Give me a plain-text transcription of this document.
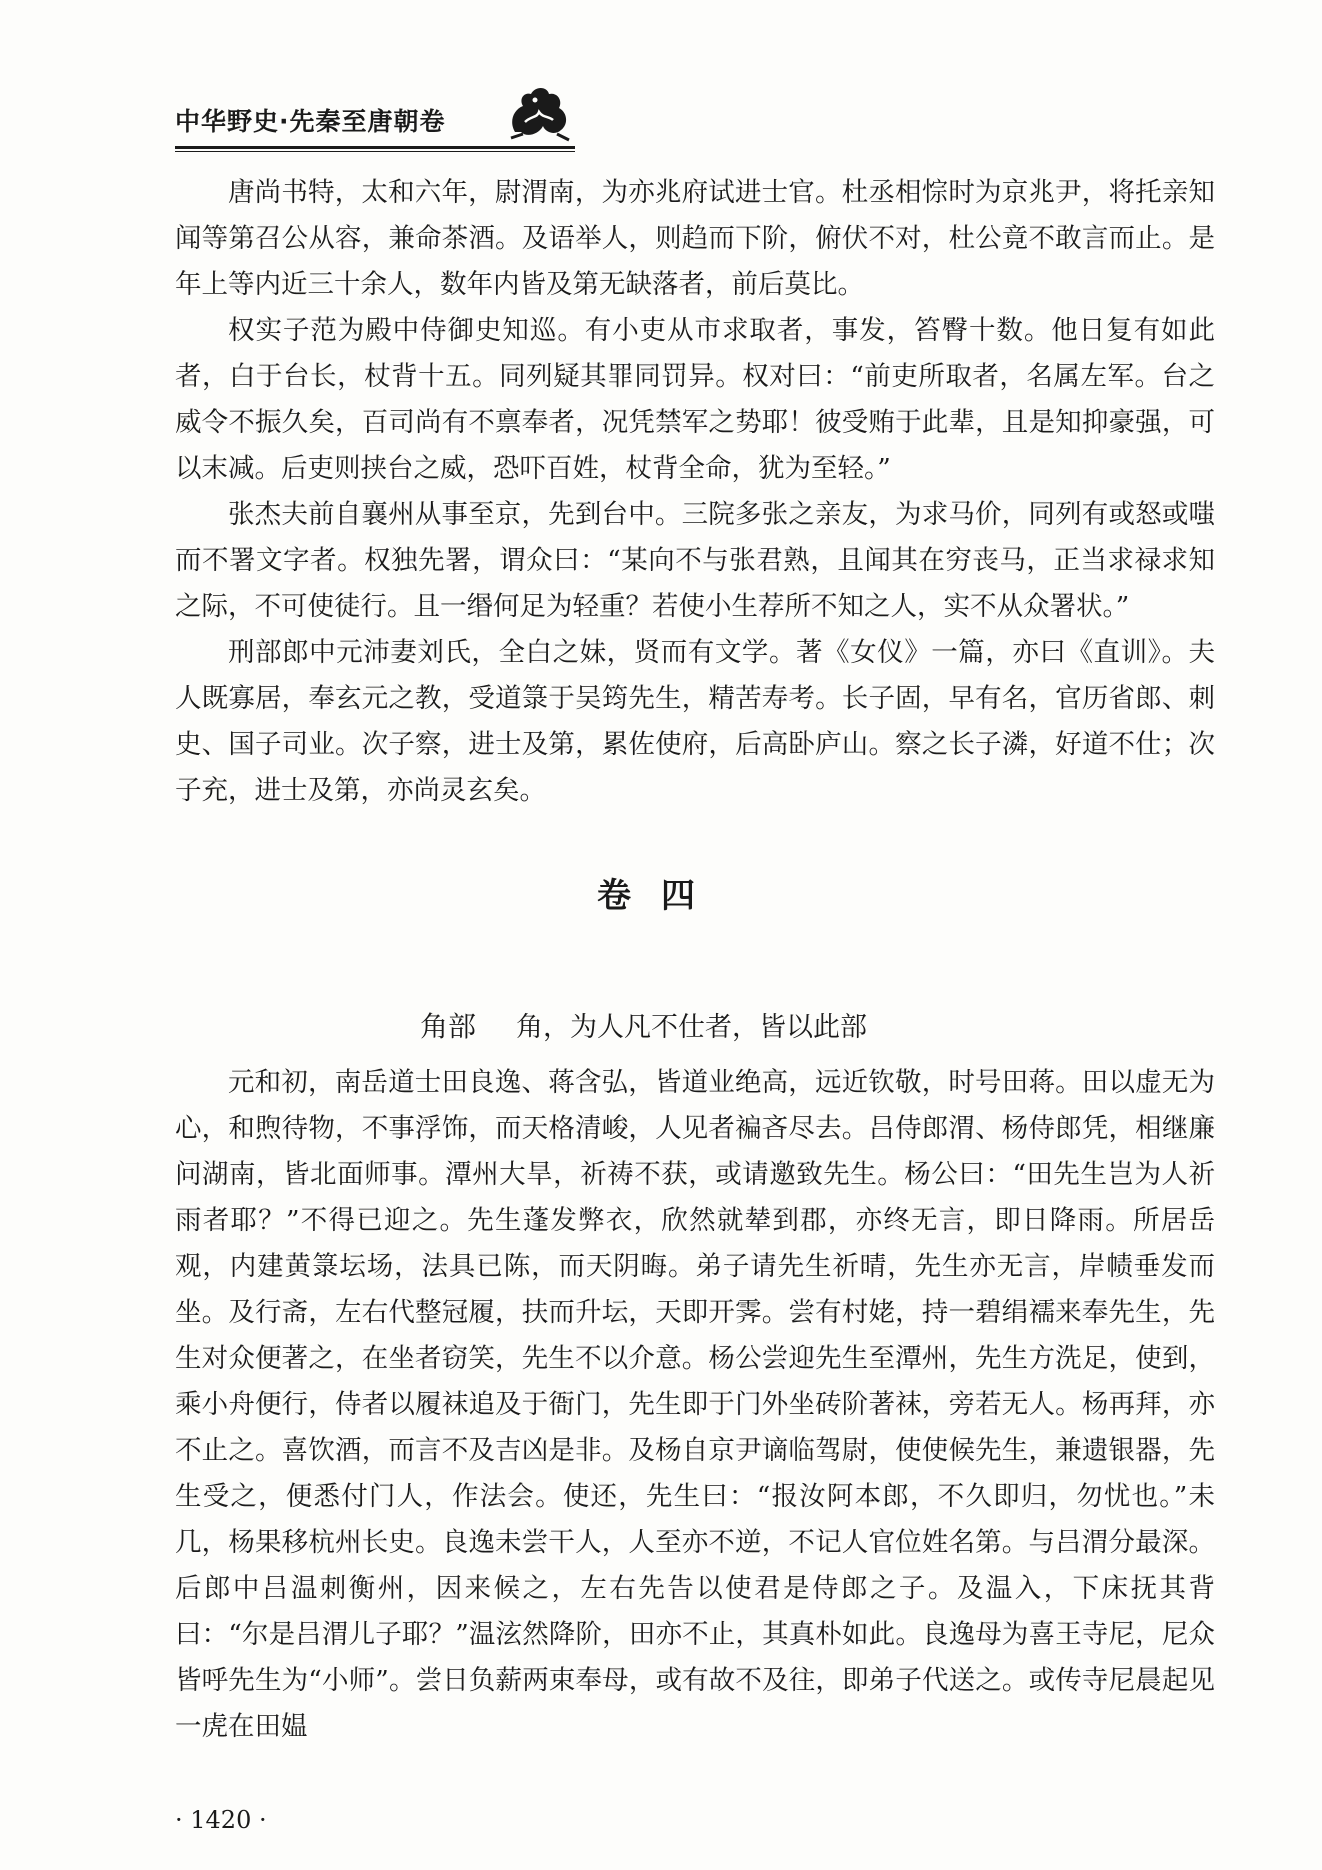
中华野史·先秦至唐朝卷

唐尚书特，太和六年，尉渭南，为亦兆府试进士官。杜丞相悰时为京兆尹，将托亲知闻等第召公从容，兼命茶酒。及语举人，则趋而下阶，俯伏不对，杜公竟不敢言而止。是年上等内近三十余人，数年内皆及第无缺落者，前后莫比。

权实子范为殿中侍御史知巡。有小吏从市求取者，事发，笞臀十数。他日复有如此者，白于台长，杖背十五。同列疑其罪同罚异。权对曰：“前吏所取者，名属左军。台之威令不振久矣，百司尚有不禀奉者，况凭禁军之势耶！彼受贿于此辈，且是知抑豪强，可以末减。后吏则挟台之威，恐吓百姓，杖背全命，犹为至轻。”

张杰夫前自襄州从事至京，先到台中。三院多张之亲友，为求马价，同列有或怒或嗤而不署文字者。权独先署，谓众曰：“某向不与张君熟，且闻其在穷丧马，正当求禄求知之际，不可使徒行。且一缗何足为轻重？若使小生荐所不知之人，实不从众署状。”

刑部郎中元沛妻刘氏，全白之妹，贤而有文学。著《女仪》一篇，亦曰《直训》。夫人既寡居，奉玄元之教，受道箓于吴筠先生，精苦寿考。长子固，早有名，官历省郎、刺史、国子司业。次子察，进士及第，累佐使府，后高卧庐山。察之长子潾，好道不仕；次子充，进士及第，亦尚灵玄矣。

卷四
角部 角，为人凡不仕者，皆以此部

元和初，南岳道士田良逸、蒋含弘，皆道业绝高，远近钦敬，时号田蒋。田以虚无为心，和煦待物，不事浮饰，而天格清峻，人见者褊吝尽去。吕侍郎渭、杨侍郎凭，相继廉问湖南，皆北面师事。潭州大旱，祈祷不获，或请邀致先生。杨公曰：“田先生岂为人祈雨者耶？”不得已迎之。先生蓬发弊衣，欣然就辇到郡，亦终无言，即日降雨。所居岳观，内建黄箓坛场，法具已陈，而天阴晦。弟子请先生祈晴，先生亦无言，岸帻垂发而坐。及行斋，左右代整冠履，扶而升坛，天即开霁。尝有村姥，持一碧绢襦来奉先生，先生对众便著之，在坐者窃笑，先生不以介意。杨公尝迎先生至潭州，先生方洗足，使到，乘小舟便行，侍者以履袜追及于衙门，先生即于门外坐砖阶著袜，旁若无人。杨再拜，亦不止之。喜饮酒，而言不及吉凶是非。及杨自京尹谪临驾尉，使使候先生，兼遗银器，先生受之，便悉付门人，作法会。使还，先生曰：“报汝阿本郎，不久即归，勿忧也。”未几，杨果移杭州长史。良逸未尝干人，人至亦不逆，不记人官位姓名第。与吕渭分最深。后郎中吕温刺衡州，因来候之，左右先告以使君是侍郎之子。及温入，下床抚其背曰：“尔是吕渭儿子耶？”温泫然降阶，田亦不止，其真朴如此。良逸母为喜王寺尼，尼众皆呼先生为“小师”。尝日负薪两束奉母，或有故不及往，即弟子代送之。或传寺尼晨起见一虎在田媪

· 1420 ·
